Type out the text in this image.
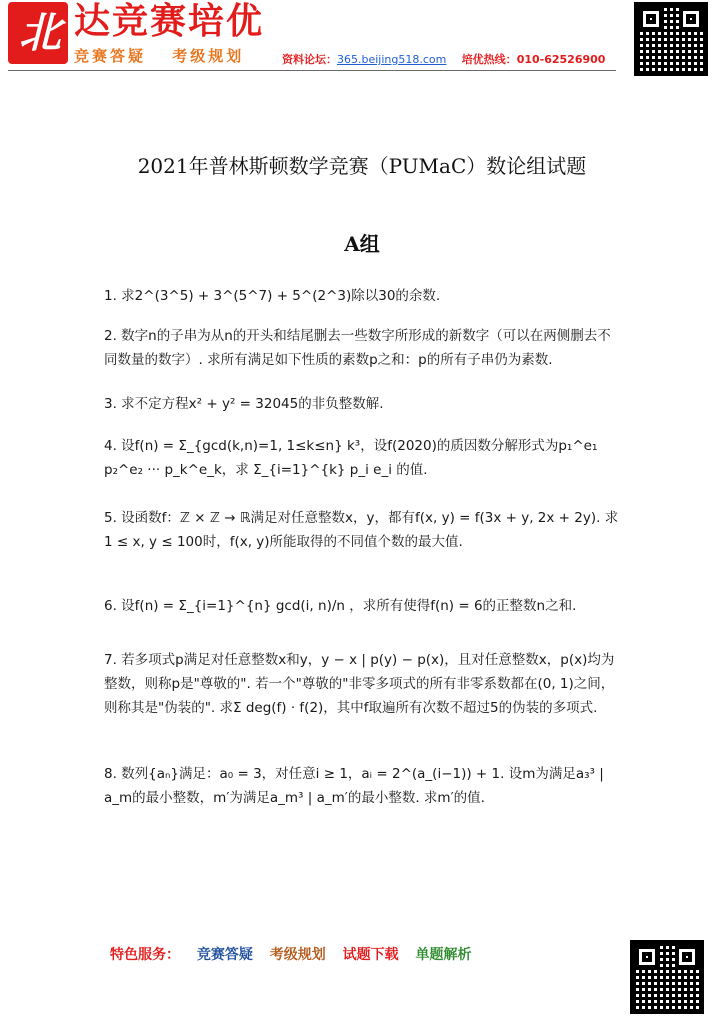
北 达竞赛培优
竞赛答疑 考级规划	资料论坛：365.beijing518.com 培优热线：010-62526900
2021年普林斯顿数学竞赛（PUMaC）数论组试题
A组

1. 求2^(3^5) + 3^(5^7) + 5^(2^3)除以30的余数.

2. 数字n的子串为从n的开头和结尾删去一些数字所形成的新数字（可以在两侧删去不同数量的数字）. 求所有满足如下性质的素数p之和：p的所有子串仍为素数.

3. 求不定方程x² + y² = 32045的非负整数解.

4. 设f(n) = Σ_{gcd(k,n)=1, 1≤k≤n} k³，设f(2020)的质因数分解形式为p₁^e₁ p₂^e₂ ··· p_k^e_k，求 Σ_{i=1}^{k} p_i e_i 的值.

5. 设函数f：ℤ × ℤ → ℝ满足对任意整数x，y，都有f(x, y) = f(3x + y, 2x + 2y). 求1 ≤ x, y ≤ 100时，f(x, y)所能取得的不同值个数的最大值.

6. 设f(n) = Σ_{i=1}^{n} gcd(i, n)/n ，求所有使得f(n) = 6的正整数n之和.

7. 若多项式p满足对任意整数x和y，y − x | p(y) − p(x)，且对任意整数x，p(x)均为整数，则称p是"尊敬的". 若一个"尊敬的"非零多项式的所有非零系数都在(0, 1)之间，则称其是"伪装的". 求Σ deg(f) · f(2)，其中f取遍所有次数不超过5的伪装的多项式.

8. 数列{aₙ}满足：a₀ = 3，对任意i ≥ 1，aᵢ = 2^(a_(i−1)) + 1. 设m为满足a₃³ | a_m的最小整数，m′为满足a_m³ | a_m′的最小整数. 求m′的值.

特色服务： 竞赛答疑 考级规划 试题下载 单题解析
